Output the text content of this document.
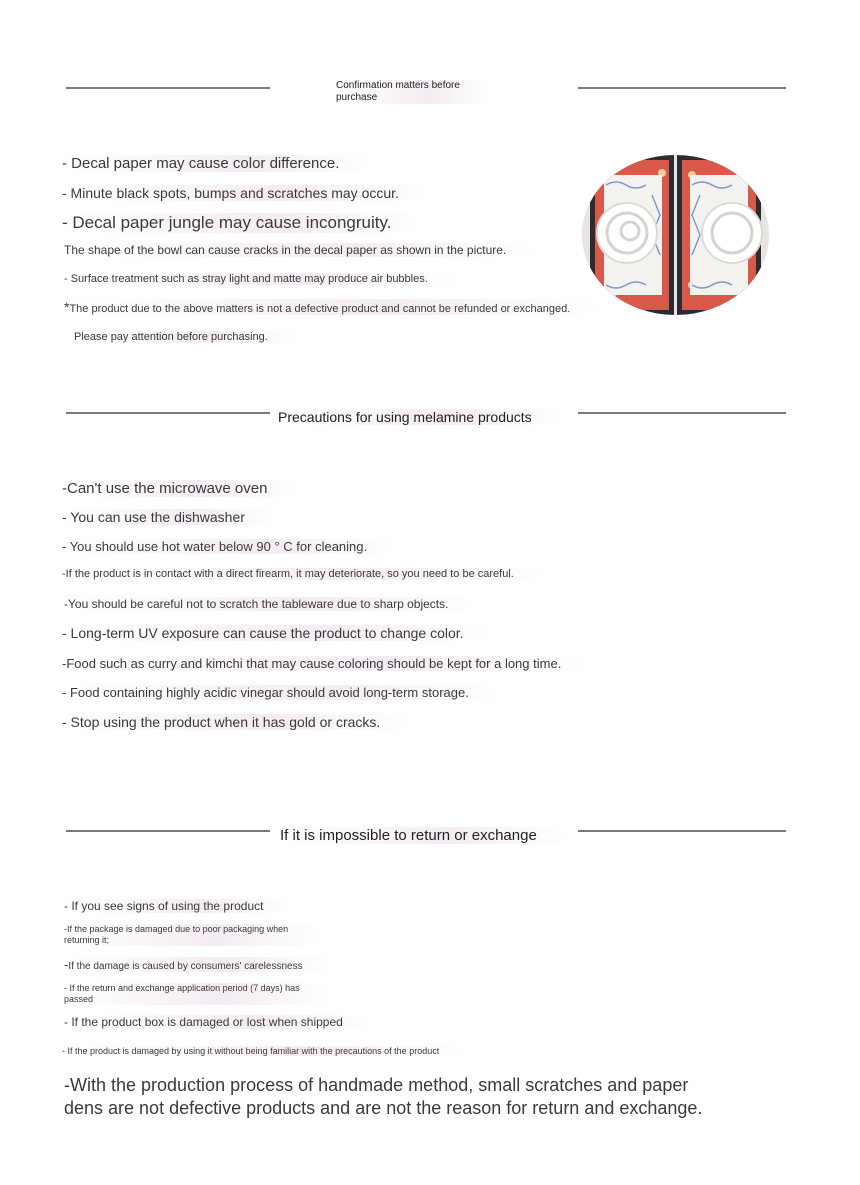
Confirmation matters before
purchase
- Decal paper may cause color difference.
- Minute black spots, bumps and scratches may occur.
- Decal paper jungle may cause incongruity.
The shape of the bowl can cause cracks in the decal paper as shown in the picture.
- Surface treatment such as stray light and matte may produce air bubbles.
*The product due to the above matters is not a defective product and cannot be refunded or exchanged.
Please pay attention before purchasing.
Precautions for using melamine products
-Can't use the microwave oven
- You can use the dishwasher
- You should use hot water below 90 ° C for cleaning.
-If the product is in contact with a direct firearm, it may deteriorate, so you need to be careful.
-You should be careful not to scratch the tableware due to sharp objects.
- Long-term UV exposure can cause the product to change color.
-Food such as curry and kimchi that may cause coloring should be kept for a long time.
- Food containing highly acidic vinegar should avoid long-term storage.
- Stop using the product when it has gold or cracks.
If it is impossible to return or exchange
- If you see signs of using the product
-If the package is damaged due to poor packaging when
returning it;
-If the damage is caused by consumers' carelessness
- If the return and exchange application period (7 days) has
passed
- If the product box is damaged or lost when shipped
- If the product is damaged by using it without being familiar with the precautions of the product
-With the production process of handmade method, small scratches and paper
dens are not defective products and are not the reason for return and exchange.
